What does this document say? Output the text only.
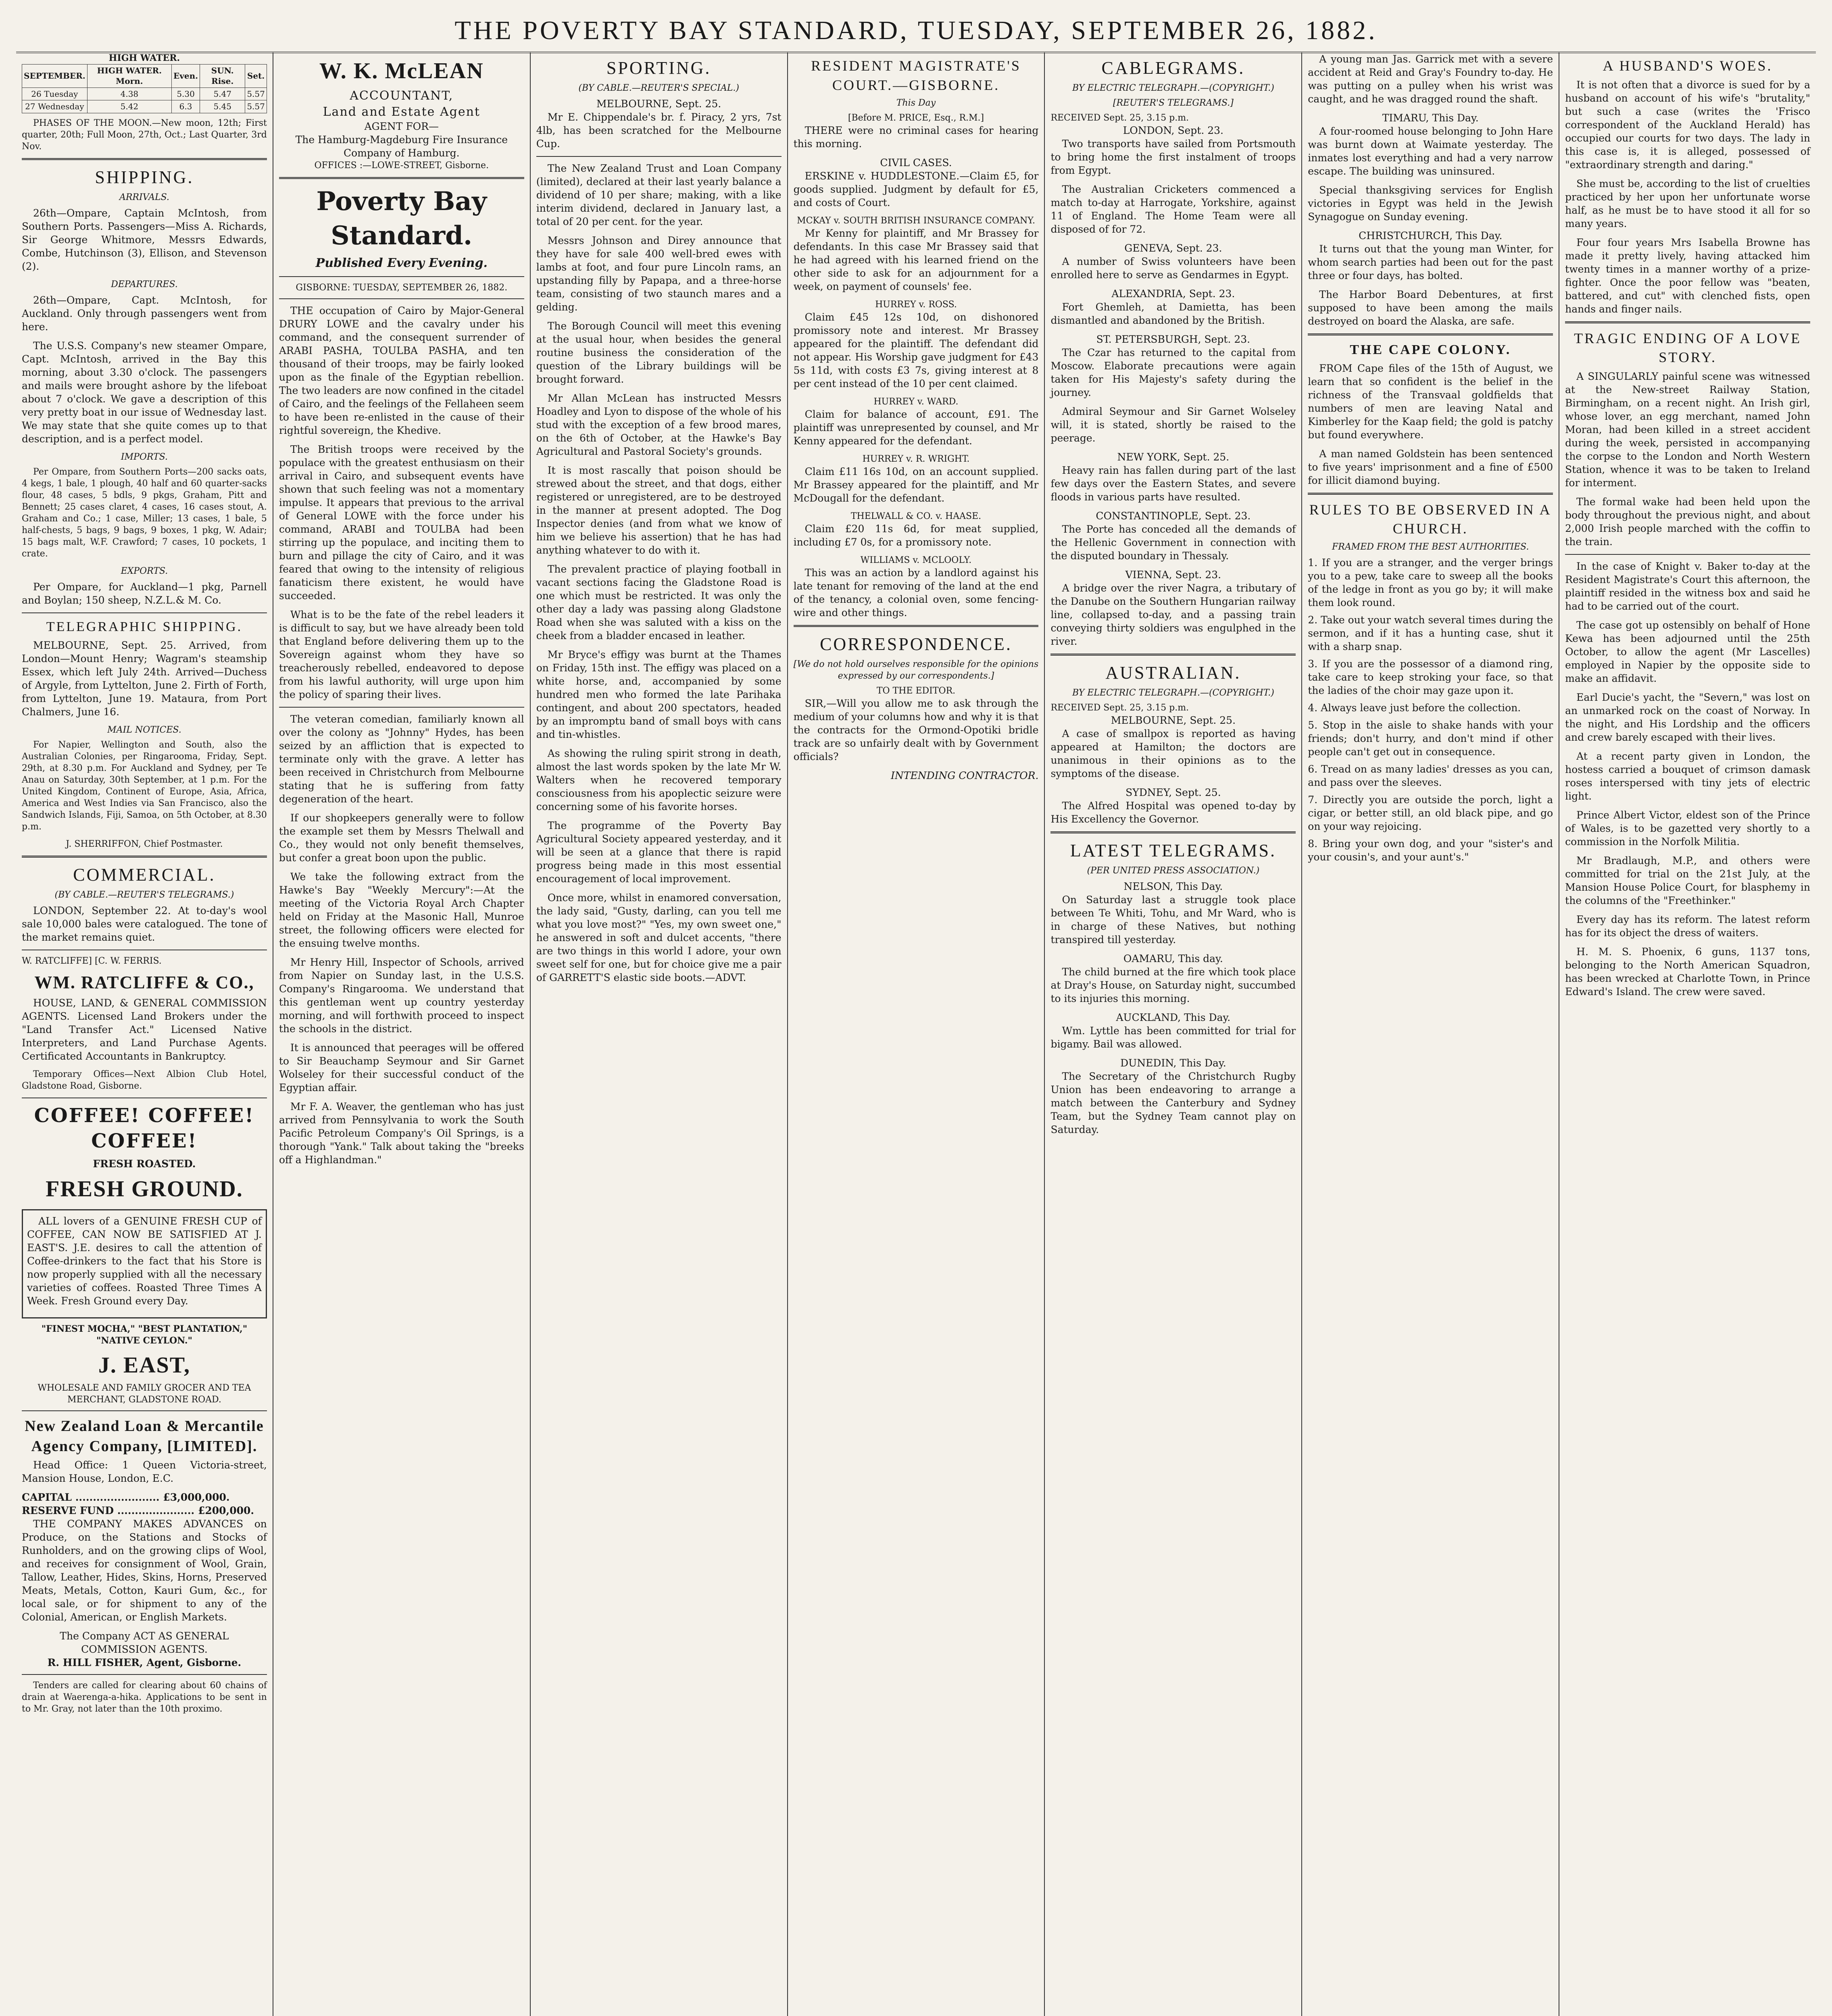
THE POVERTY BAY STANDARD, TUESDAY, SEPTEMBER 26, 1882.
HIGH WATER.
SEPTEMBER.	HIGH WATER. Morn.	Even.	SUN. Rise.	Set.
26 Tuesday	4.38	5.30	5.47	5.57
27 Wednesday	5.42	6.3	5.45	5.57

PHASES OF THE MOON.—New moon, 12th; First quarter, 20th; Full Moon, 27th, Oct.; Last Quarter, 3rd Nov.

SHIPPING.
ARRIVALS.

26th—Ompare, Captain McIntosh, from Southern Ports. Passengers—Miss A. Richards, Sir George Whitmore, Messrs Edwards, Combe, Hutchinson (3), Ellison, and Stevenson (2).

DEPARTURES.

26th—Ompare, Capt. McIntosh, for Auckland. Only through passengers went from here.

The U.S.S. Company's new steamer Ompare, Capt. McIntosh, arrived in the Bay this morning, about 3.30 o'clock. The passengers and mails were brought ashore by the lifeboat about 7 o'clock. We gave a description of this very pretty boat in our issue of Wednesday last. We may state that she quite comes up to that description, and is a perfect model.

IMPORTS.

Per Ompare, from Southern Ports—200 sacks oats, 4 kegs, 1 bale, 1 plough, 40 half and 60 quarter-sacks flour, 48 cases, 5 bdls, 9 pkgs, Graham, Pitt and Bennett; 25 cases claret, 4 cases, 16 cases stout, A. Graham and Co.; 1 case, Miller; 13 cases, 1 bale, 5 half-chests, 5 bags, 9 bags, 9 boxes, 1 pkg, W. Adair; 15 bags malt, W.F. Crawford; 7 cases, 10 pockets, 1 crate.

EXPORTS.

Per Ompare, for Auckland—1 pkg, Parnell and Boylan; 150 sheep, N.Z.L.& M. Co.

TELEGRAPHIC SHIPPING.

MELBOURNE, Sept. 25. Arrived, from London—Mount Henry; Wagram's steamship Essex, which left July 24th. Arrived—Duchess of Argyle, from Lyttelton, June 2. Firth of Forth, from Lyttelton, June 19. Mataura, from Port Chalmers, June 16.

MAIL NOTICES.

For Napier, Wellington and South, also the Australian Colonies, per Ringarooma, Friday, Sept. 29th, at 8.30 p.m. For Auckland and Sydney, per Te Anau on Saturday, 30th September, at 1 p.m. For the United Kingdom, Continent of Europe, Asia, Africa, America and West Indies via San Francisco, also the Sandwich Islands, Fiji, Samoa, on 5th October, at 8.30 p.m.

J. SHERRIFFON, Chief Postmaster.
COMMERCIAL.
(BY CABLE.—REUTER'S TELEGRAMS.)

LONDON, September 22. At to-day's wool sale 10,000 bales were catalogued. The tone of the market remains quiet.

W. RATCLIFFE] [C. W. FERRIS.
WM. RATCLIFFE & CO.,

HOUSE, LAND, & GENERAL COMMISSION AGENTS. Licensed Land Brokers under the "Land Transfer Act." Licensed Native Interpreters, and Land Purchase Agents. Certificated Accountants in Bankruptcy.

Temporary Offices—Next Albion Club Hotel, Gladstone Road, Gisborne.

COFFEE! COFFEE! COFFEE!
FRESH ROASTED.
FRESH GROUND.

ALL lovers of a GENUINE FRESH CUP of COFFEE, CAN NOW BE SATISFIED AT J. EAST'S. J.E. desires to call the attention of Coffee-drinkers to the fact that his Store is now properly supplied with all the necessary varieties of coffees. Roasted Three Times A Week. Fresh Ground every Day.

"FINEST MOCHA," "BEST PLANTATION," "NATIVE CEYLON."
J. EAST,
WHOLESALE AND FAMILY GROCER AND TEA MERCHANT, GLADSTONE ROAD.
New Zealand Loan & Mercantile Agency Company, [LIMITED].

Head Office: 1 Queen Victoria-street, Mansion House, London, E.C.

CAPITAL ........................ £3,000,000.
RESERVE FUND ...................... £200,000.

THE COMPANY MAKES ADVANCES on Produce, on the Stations and Stocks of Runholders, and on the growing clips of Wool, and receives for consignment of Wool, Grain, Tallow, Leather, Hides, Skins, Horns, Preserved Meats, Metals, Cotton, Kauri Gum, &c., for local sale, or for shipment to any of the Colonial, American, or English Markets.

The Company ACT AS GENERAL COMMISSION AGENTS.
R. HILL FISHER, Agent, Gisborne.

Tenders are called for clearing about 60 chains of drain at Waerenga-a-hika. Applications to be sent in to Mr. Gray, not later than the 10th proximo.

W. K. McLEAN
ACCOUNTANT,
Land and Estate Agent
AGENT FOR—
The Hamburg-Magdeburg Fire Insurance Company of Hamburg.
OFFICES :—LOWE-STREET, Gisborne.
Poverty Bay Standard.
Published Every Evening.
GISBORNE: TUESDAY, SEPTEMBER 26, 1882.

THE occupation of Cairo by Major-General DRURY LOWE and the cavalry under his command, and the consequent surrender of ARABI PASHA, TOULBA PASHA, and ten thousand of their troops, may be fairly looked upon as the finale of the Egyptian rebellion. The two leaders are now confined in the citadel of Cairo, and the feelings of the Fellaheen seem to have been re-enlisted in the cause of their rightful sovereign, the Khedive.

The British troops were received by the populace with the greatest enthusiasm on their arrival in Cairo, and subsequent events have shown that such feeling was not a momentary impulse. It appears that previous to the arrival of General LOWE with the force under his command, ARABI and TOULBA had been stirring up the populace, and inciting them to burn and pillage the city of Cairo, and it was feared that owing to the intensity of religious fanaticism there existent, he would have succeeded.

What is to be the fate of the rebel leaders it is difficult to say, but we have already been told that England before delivering them up to the Sovereign against whom they have so treacherously rebelled, endeavored to depose from his lawful authority, will urge upon him the policy of sparing their lives.

The veteran comedian, familiarly known all over the colony as "Johnny" Hydes, has been seized by an affliction that is expected to terminate only with the grave. A letter has been received in Christchurch from Melbourne stating that he is suffering from fatty degeneration of the heart.

If our shopkeepers generally were to follow the example set them by Messrs Thelwall and Co., they would not only benefit themselves, but confer a great boon upon the public.

We take the following extract from the Hawke's Bay "Weekly Mercury":—At the meeting of the Victoria Royal Arch Chapter held on Friday at the Masonic Hall, Munroe street, the following officers were elected for the ensuing twelve months.

Mr Henry Hill, Inspector of Schools, arrived from Napier on Sunday last, in the U.S.S. Company's Ringarooma. We understand that this gentleman went up country yesterday morning, and will forthwith proceed to inspect the schools in the district.

It is announced that peerages will be offered to Sir Beauchamp Seymour and Sir Garnet Wolseley for their successful conduct of the Egyptian affair.

Mr F. A. Weaver, the gentleman who has just arrived from Pennsylvania to work the South Pacific Petroleum Company's Oil Springs, is a thorough "Yank." Talk about taking the "breeks off a Highlandman."

SPORTING.
(BY CABLE.—REUTER'S SPECIAL.)
MELBOURNE, Sept. 25.

Mr E. Chippendale's br. f. Piracy, 2 yrs, 7st 4lb, has been scratched for the Melbourne Cup.

The New Zealand Trust and Loan Company (limited), declared at their last yearly balance a dividend of 10 per share; making, with a like interim dividend, declared in January last, a total of 20 per cent. for the year.

Messrs Johnson and Direy announce that they have for sale 400 well-bred ewes with lambs at foot, and four pure Lincoln rams, an upstanding filly by Papapa, and a three-horse team, consisting of two staunch mares and a gelding.

The Borough Council will meet this evening at the usual hour, when besides the general routine business the consideration of the question of the Library buildings will be brought forward.

Mr Allan McLean has instructed Messrs Hoadley and Lyon to dispose of the whole of his stud with the exception of a few brood mares, on the 6th of October, at the Hawke's Bay Agricultural and Pastoral Society's grounds.

It is most rascally that poison should be strewed about the street, and that dogs, either registered or unregistered, are to be destroyed in the manner at present adopted. The Dog Inspector denies (and from what we know of him we believe his assertion) that he has had anything whatever to do with it.

The prevalent practice of playing football in vacant sections facing the Gladstone Road is one which must be restricted. It was only the other day a lady was passing along Gladstone Road when she was saluted with a kiss on the cheek from a bladder encased in leather.

Mr Bryce's effigy was burnt at the Thames on Friday, 15th inst. The effigy was placed on a white horse, and, accompanied by some hundred men who formed the late Parihaka contingent, and about 200 spectators, headed by an impromptu band of small boys with cans and tin-whistles.

As showing the ruling spirit strong in death, almost the last words spoken by the late Mr W. Walters when he recovered temporary consciousness from his apoplectic seizure were concerning some of his favorite horses.

The programme of the Poverty Bay Agricultural Society appeared yesterday, and it will be seen at a glance that there is rapid progress being made in this most essential encouragement of local improvement.

Once more, whilst in enamored conversation, the lady said, "Gusty, darling, can you tell me what you love most?" "Yes, my own sweet one," he answered in soft and dulcet accents, "there are two things in this world I adore, your own sweet self for one, but for choice give me a pair of GARRETT'S elastic side boots.—ADVT.

RESIDENT MAGISTRATE'S COURT.—GISBORNE.
This Day
[Before M. PRICE, Esq., R.M.]

THERE were no criminal cases for hearing this morning.

CIVIL CASES.

ERSKINE v. HUDDLESTONE.—Claim £5, for goods supplied. Judgment by default for £5, and costs of Court.

MCKAY v. SOUTH BRITISH INSURANCE COMPANY.

Mr Kenny for plaintiff, and Mr Brassey for defendants. In this case Mr Brassey said that he had agreed with his learned friend on the other side to ask for an adjournment for a week, on payment of counsels' fee.

HURREY v. ROSS.

Claim £45 12s 10d, on dishonored promissory note and interest. Mr Brassey appeared for the plaintiff. The defendant did not appear. His Worship gave judgment for £43 5s 11d, with costs £3 7s, giving interest at 8 per cent instead of the 10 per cent claimed.

HURREY v. WARD.

Claim for balance of account, £91. The plaintiff was unrepresented by counsel, and Mr Kenny appeared for the defendant.

HURREY v. R. WRIGHT.

Claim £11 16s 10d, on an account supplied. Mr Brassey appeared for the plaintiff, and Mr McDougall for the defendant.

THELWALL & CO. v. HAASE.

Claim £20 11s 6d, for meat supplied, including £7 0s, for a promissory note.

WILLIAMS v. MCLOOLY.

This was an action by a landlord against his late tenant for removing of the land at the end of the tenancy, a colonial oven, some fencing-wire and other things.

CORRESPONDENCE.
[We do not hold ourselves responsible for the opinions expressed by our correspondents.]
TO THE EDITOR.

SIR,—Will you allow me to ask through the medium of your columns how and why it is that the contracts for the Ormond-Opotiki bridle track are so unfairly dealt with by Government officials?

INTENDING CONTRACTOR.
CABLEGRAMS.
BY ELECTRIC TELEGRAPH.—(COPYRIGHT.)
[REUTER'S TELEGRAMS.]
RECEIVED Sept. 25, 3.15 p.m.
LONDON, Sept. 23.

Two transports have sailed from Portsmouth to bring home the first instalment of troops from Egypt.

The Australian Cricketers commenced a match to-day at Harrogate, Yorkshire, against 11 of England. The Home Team were all disposed of for 72.

GENEVA, Sept. 23.

A number of Swiss volunteers have been enrolled here to serve as Gendarmes in Egypt.

ALEXANDRIA, Sept. 23.

Fort Ghemleh, at Damietta, has been dismantled and abandoned by the British.

ST. PETERSBURGH, Sept. 23.

The Czar has returned to the capital from Moscow. Elaborate precautions were again taken for His Majesty's safety during the journey.

Admiral Seymour and Sir Garnet Wolseley will, it is stated, shortly be raised to the peerage.

NEW YORK, Sept. 25.

Heavy rain has fallen during part of the last few days over the Eastern States, and severe floods in various parts have resulted.

CONSTANTINOPLE, Sept. 23.

The Porte has conceded all the demands of the Hellenic Government in connection with the disputed boundary in Thessaly.

VIENNA, Sept. 23.

A bridge over the river Nagra, a tributary of the Danube on the Southern Hungarian railway line, collapsed to-day, and a passing train conveying thirty soldiers was engulphed in the river.

AUSTRALIAN.
BY ELECTRIC TELEGRAPH.—(COPYRIGHT.)
RECEIVED Sept. 25, 3.15 p.m.
MELBOURNE, Sept. 25.

A case of smallpox is reported as having appeared at Hamilton; the doctors are unanimous in their opinions as to the symptoms of the disease.

SYDNEY, Sept. 25.

The Alfred Hospital was opened to-day by His Excellency the Governor.

LATEST TELEGRAMS.
(PER UNITED PRESS ASSOCIATION.)
NELSON, This Day.

On Saturday last a struggle took place between Te Whiti, Tohu, and Mr Ward, who is in charge of these Natives, but nothing transpired till yesterday.

OAMARU, This day.

The child burned at the fire which took place at Dray's House, on Saturday night, succumbed to its injuries this morning.

AUCKLAND, This Day.

Wm. Lyttle has been committed for trial for bigamy. Bail was allowed.

DUNEDIN, This Day.

The Secretary of the Christchurch Rugby Union has been endeavoring to arrange a match between the Canterbury and Sydney Team, but the Sydney Team cannot play on Saturday.

A young man Jas. Garrick met with a severe accident at Reid and Gray's Foundry to-day. He was putting on a pulley when his wrist was caught, and he was dragged round the shaft.

TIMARU, This Day.

A four-roomed house belonging to John Hare was burnt down at Waimate yesterday. The inmates lost everything and had a very narrow escape. The building was uninsured.

Special thanksgiving services for English victories in Egypt was held in the Jewish Synagogue on Sunday evening.

CHRISTCHURCH, This Day.

It turns out that the young man Winter, for whom search parties had been out for the past three or four days, has bolted.

The Harbor Board Debentures, at first supposed to have been among the mails destroyed on board the Alaska, are safe.

THE CAPE COLONY.

FROM Cape files of the 15th of August, we learn that so confident is the belief in the richness of the Transvaal goldfields that numbers of men are leaving Natal and Kimberley for the Kaap field; the gold is patchy but found everywhere.

A man named Goldstein has been sentenced to five years' imprisonment and a fine of £500 for illicit diamond buying.

RULES TO BE OBSERVED IN A CHURCH.
FRAMED FROM THE BEST AUTHORITIES.

1. If you are a stranger, and the verger brings you to a pew, take care to sweep all the books of the ledge in front as you go by; it will make them look round.

2. Take out your watch several times during the sermon, and if it has a hunting case, shut it with a sharp snap.

3. If you are the possessor of a diamond ring, take care to keep stroking your face, so that the ladies of the choir may gaze upon it.

4. Always leave just before the collection.

5. Stop in the aisle to shake hands with your friends; don't hurry, and don't mind if other people can't get out in consequence.

6. Tread on as many ladies' dresses as you can, and pass over the sleeves.

7. Directly you are outside the porch, light a cigar, or better still, an old black pipe, and go on your way rejoicing.

8. Bring your own dog, and your "sister's and your cousin's, and your aunt's."

A HUSBAND'S WOES.

It is not often that a divorce is sued for by a husband on account of his wife's "brutality," but such a case (writes the 'Frisco correspondent of the Auckland Herald) has occupied our courts for two days. The lady in this case is, it is alleged, possessed of "extraordinary strength and daring."

She must be, according to the list of cruelties practiced by her upon her unfortunate worse half, as he must be to have stood it all for so many years.

Four four years Mrs Isabella Browne has made it pretty lively, having attacked him twenty times in a manner worthy of a prize-fighter. Once the poor fellow was "beaten, battered, and cut" with clenched fists, open hands and finger nails.

TRAGIC ENDING OF A LOVE STORY.

A SINGULARLY painful scene was witnessed at the New-street Railway Station, Birmingham, on a recent night. An Irish girl, whose lover, an egg merchant, named John Moran, had been killed in a street accident during the week, persisted in accompanying the corpse to the London and North Western Station, whence it was to be taken to Ireland for interment.

The formal wake had been held upon the body throughout the previous night, and about 2,000 Irish people marched with the coffin to the train.

In the case of Knight v. Baker to-day at the Resident Magistrate's Court this afternoon, the plaintiff resided in the witness box and said he had to be carried out of the court.

The case got up ostensibly on behalf of Hone Kewa has been adjourned until the 25th October, to allow the agent (Mr Lascelles) employed in Napier by the opposite side to make an affidavit.

Earl Ducie's yacht, the "Severn," was lost on an unmarked rock on the coast of Norway. In the night, and His Lordship and the officers and crew barely escaped with their lives.

At a recent party given in London, the hostess carried a bouquet of crimson damask roses interspersed with tiny jets of electric light.

Prince Albert Victor, eldest son of the Prince of Wales, is to be gazetted very shortly to a commission in the Norfolk Militia.

Mr Bradlaugh, M.P., and others were committed for trial on the 21st July, at the Mansion House Police Court, for blasphemy in the columns of the "Freethinker."

Every day has its reform. The latest reform has for its object the dress of waiters.

H. M. S. Phoenix, 6 guns, 1137 tons, belonging to the North American Squadron, has been wrecked at Charlotte Town, in Prince Edward's Island. The crew were saved.
